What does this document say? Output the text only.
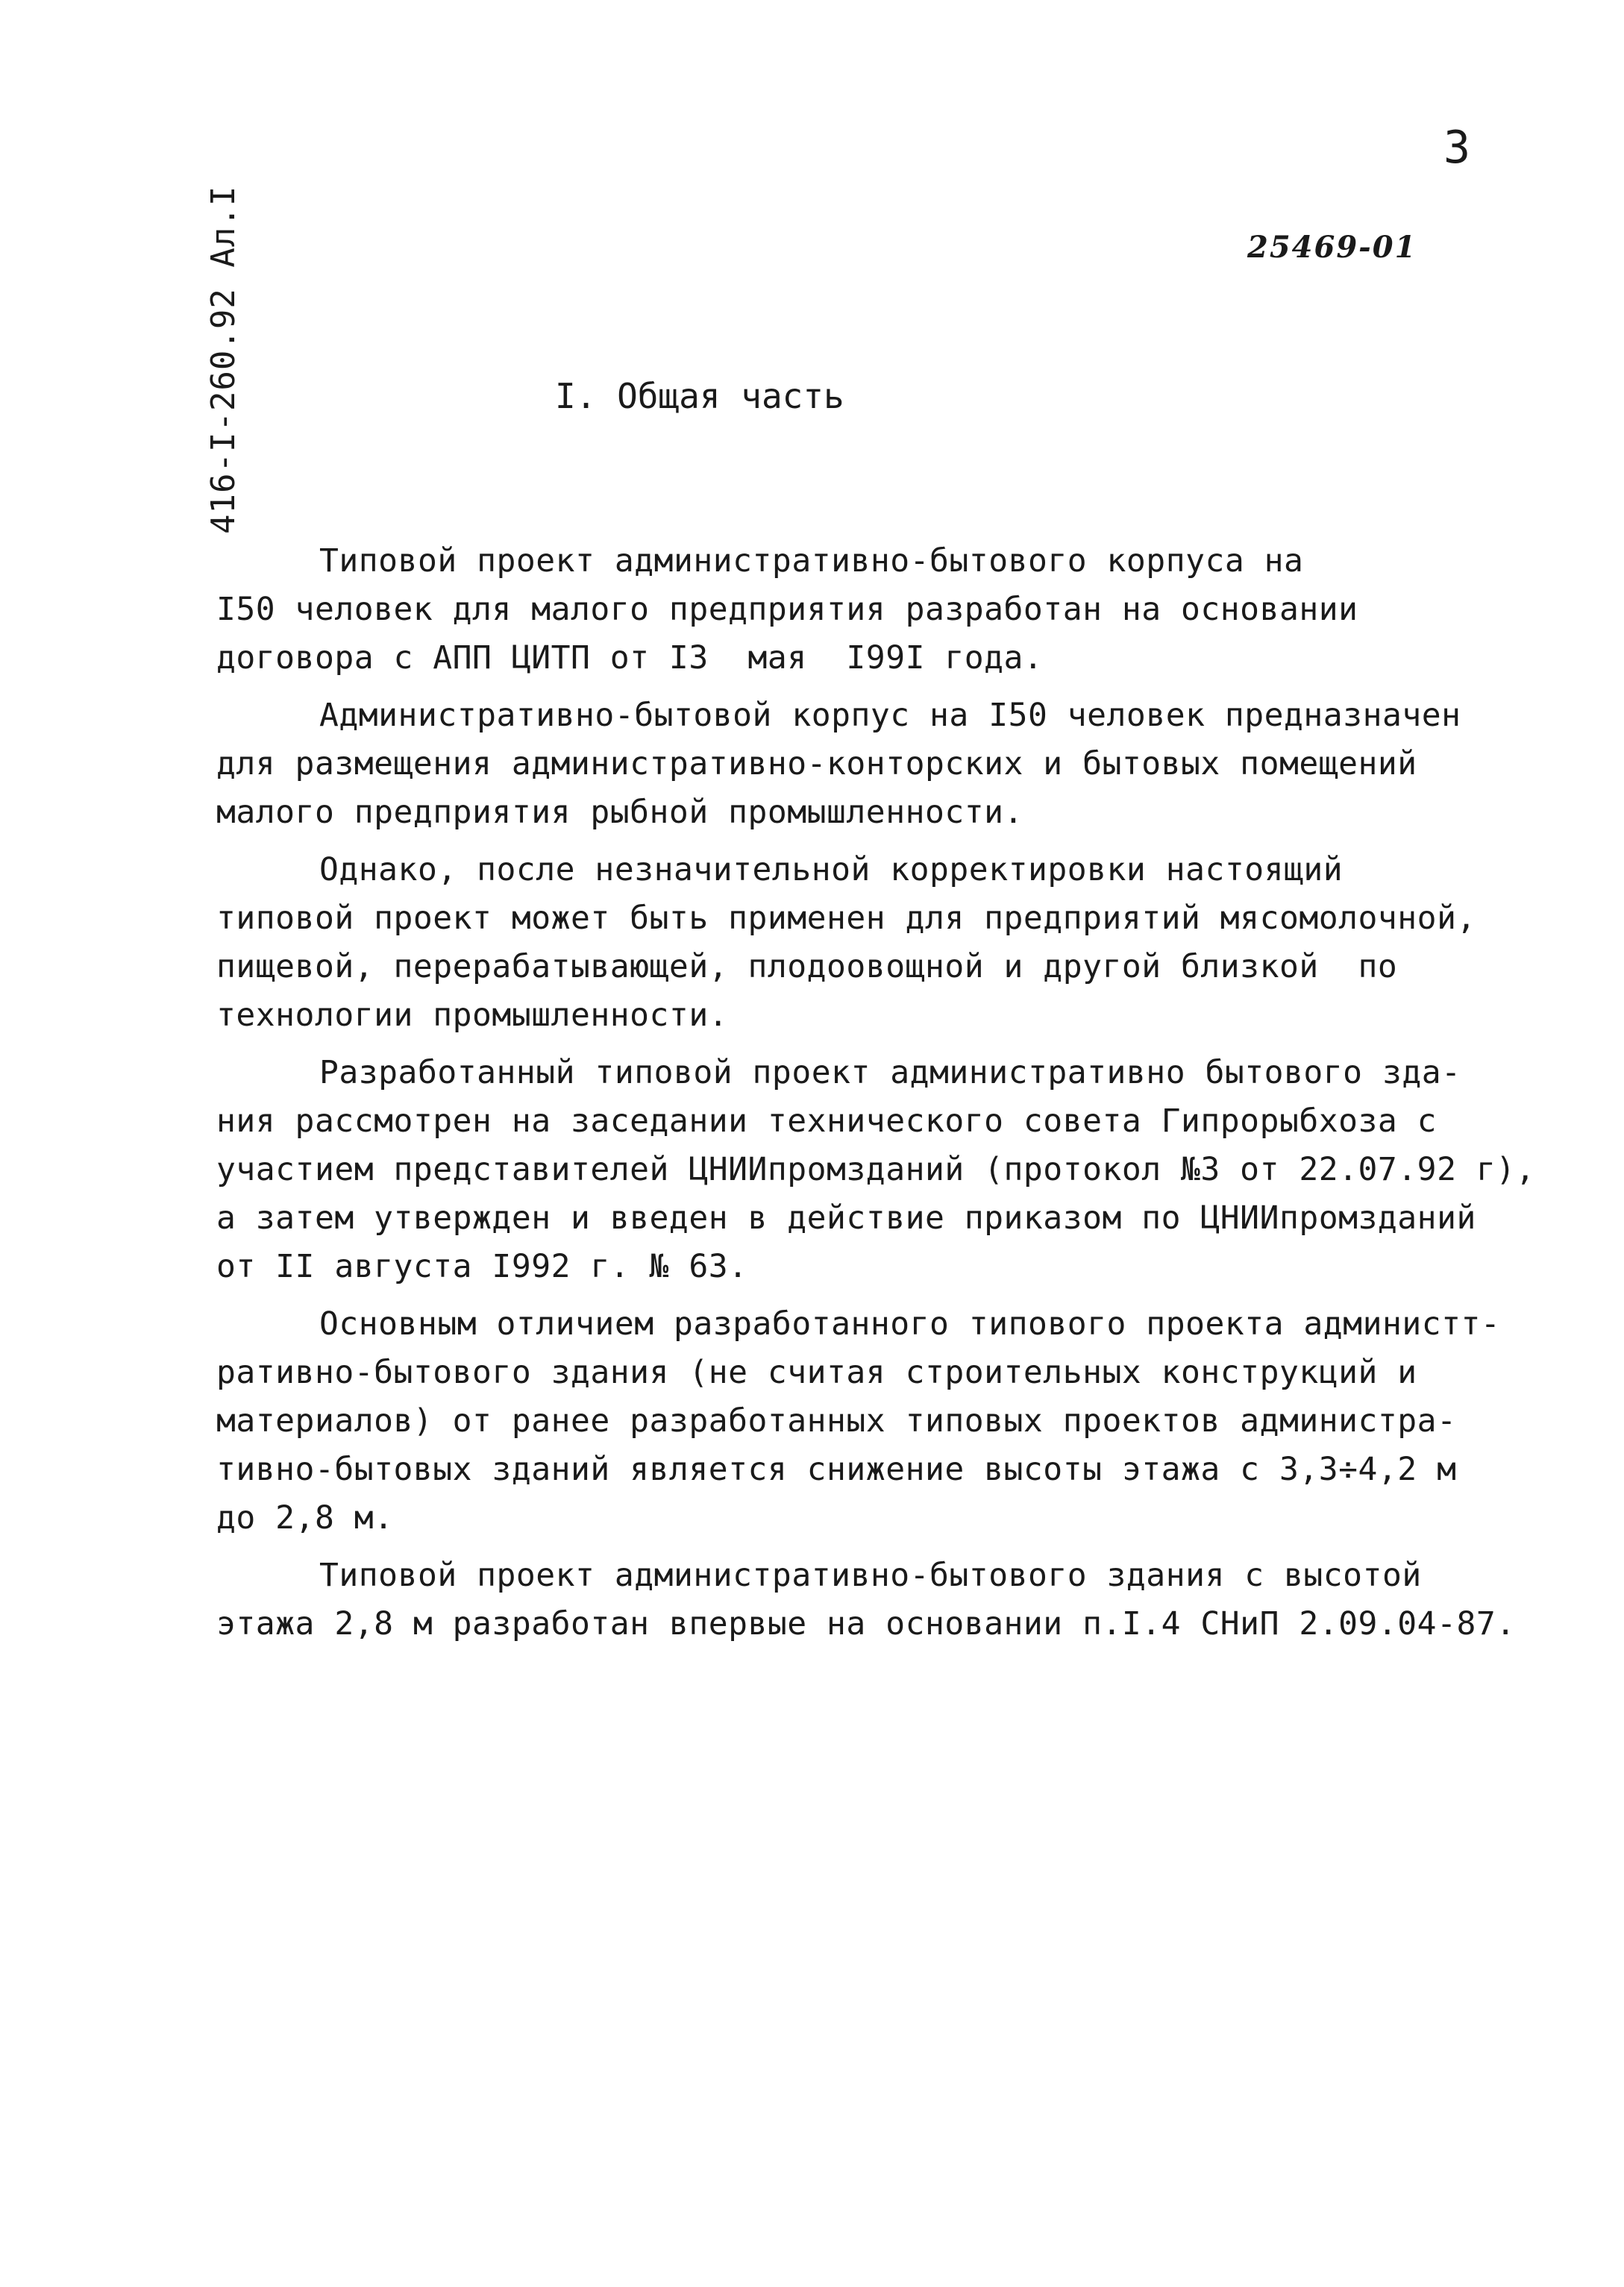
3
25469-01
416-I-260.92 Ал.I	I. Общая часть
Типовой проект административно-бытового корпуса на
I50 человек для малого предприятия разработан на основании
договора с АПП ЦИТП от I3  мая  I99I года.
Административно-бытовой корпус на I50 человек предназначен
для размещения административно-конторских и бытовых помещений
малого предприятия рыбной промышленности.
Однако, после незначительной корректировки настоящий
типовой проект может быть применен для предприятий мясомолочной,
пищевой, перерабатывающей, плодоовощной и другой близкой  по
технологии промышленности.
Разработанный типовой проект административно бытового зда-
ния рассмотрен на заседании технического совета Гипрорыбхоза с
участием представителей ЦНИИпромзданий (протокол №3 от 22.07.92 г),
а затем утвержден и введен в действие приказом по ЦНИИпромзданий
от II августа I992 г. № 63.
Основным отличием разработанного типового проекта администт-
ративно-бытового здания (не считая строительных конструкций и
материалов) от ранее разработанных типовых проектов администра-
тивно-бытовых зданий является снижение высоты этажа с 3,3÷4,2 м
до 2,8 м.
Типовой проект административно-бытового здания с высотой
этажа 2,8 м разработан впервые на основании п.I.4 СНиП 2.09.04-87.
